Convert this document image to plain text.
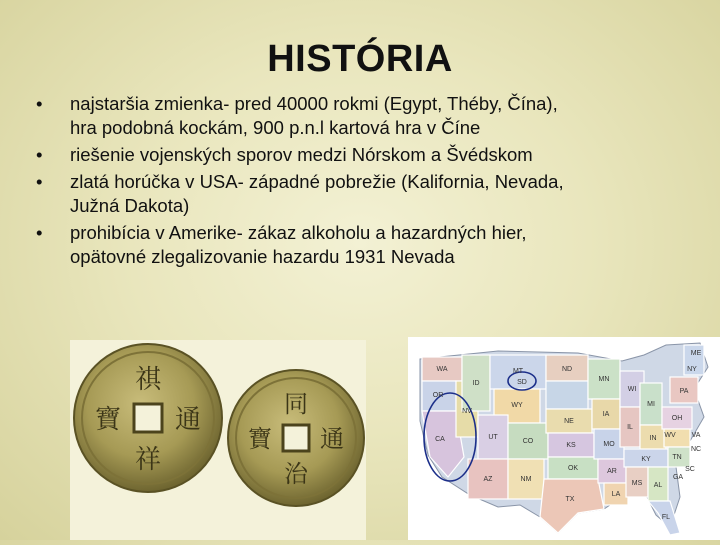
HISTÓRIA
• najstaršia zmienka- pred 40000 rokmi (Egypt, Théby, Čína),
hra podobná kockám, 900 p.n.l kartová hra v Číne
• riešenie vojenských sporov medzi Nórskom a Švédskom
• zlatá horúčka v USA- západné pobrežie (Kalifornia, Nevada,
Južná Dakota)
• prohibícia v Amerike- zákaz alkoholu a hazardných hier,
opätovné zlegalizovanie hazardu 1931 Nevada
祺
通
祥
寶
同
通
治
寶
WA
OR
CA
NV
ID
MT
WY
UT
AZ
CO
NM
ND
SD
NE
KS
OK
TX
MN
IA
MO
AR
LA
WI
IL
MI
IN
OH
KY	TN
MS AL
GA
FL
SC
NC
VA
WV
PA
NY
ME
